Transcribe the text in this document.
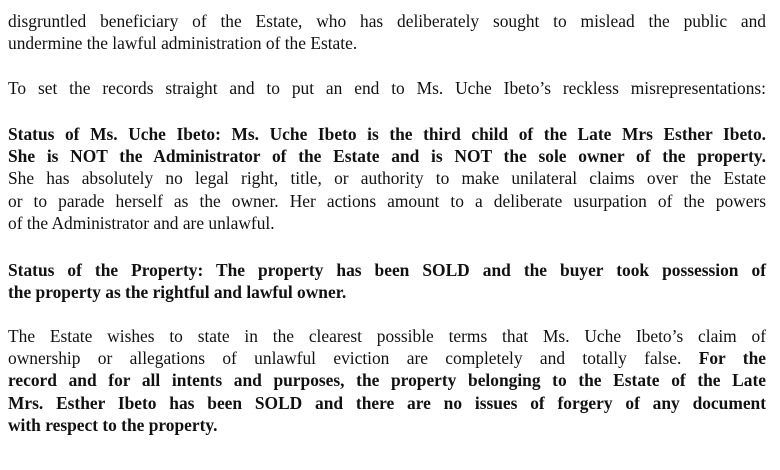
disgruntled beneficiary of the Estate, who has deliberately sought to mislead the public and
undermine the lawful administration of the Estate.
To set the records straight and to put an end to Ms. Uche Ibeto’s reckless misrepresentations:
Status of Ms. Uche Ibeto: Ms. Uche Ibeto is the third child of the Late Mrs Esther Ibeto.
She is NOT the Administrator of the Estate and is NOT the sole owner of the property.
She has absolutely no legal right, title, or authority to make unilateral claims over the Estate
or to parade herself as the owner. Her actions amount to a deliberate usurpation of the powers
of the Administrator and are unlawful.
Status of the Property: The property has been SOLD and the buyer took possession of
the property as the rightful and lawful owner.
The Estate wishes to state in the clearest possible terms that Ms. Uche Ibeto’s claim of
ownership or allegations of unlawful eviction are completely and totally false. For the
record and for all intents and purposes, the property belonging to the Estate of the Late
Mrs. Esther Ibeto has been SOLD and there are no issues of forgery of any document
with respect to the property.
